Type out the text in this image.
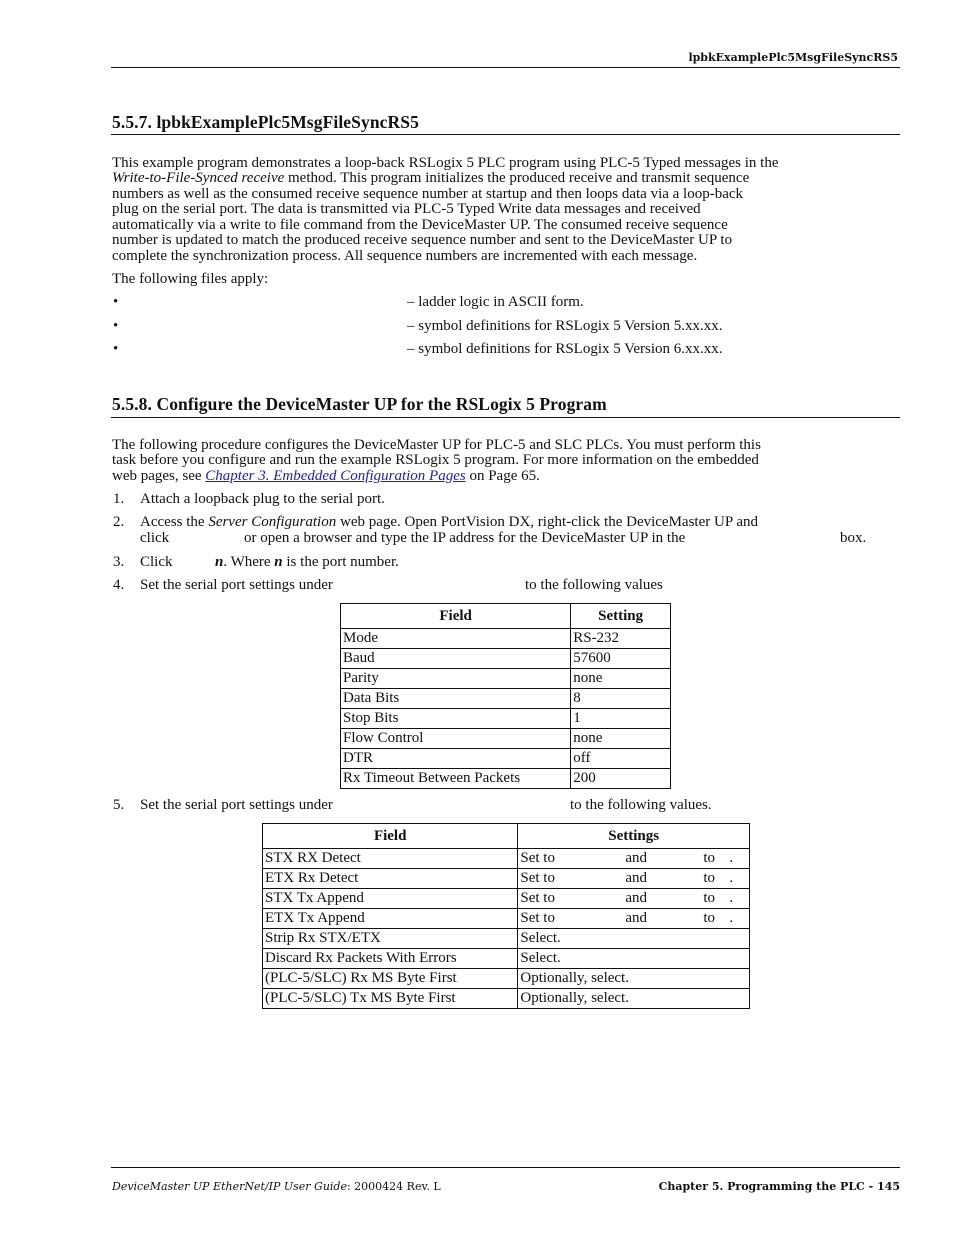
lpbkExamplePlc5MsgFileSyncRS5
5.5.7. lpbkExamplePlc5MsgFileSyncRS5
This example program demonstrates a loop-back RSLogix 5 PLC program using PLC-5 Typed messages in the
Write-to-File-Synced receive method. This program initializes the produced receive and transmit sequence
numbers as well as the consumed receive sequence number at startup and then loops data via a loop-back
plug on the serial port. The data is transmitted via PLC-5 Typed Write data messages and received
automatically via a write to file command from the DeviceMaster UP. The consumed receive sequence
number is updated to match the produced receive sequence number and sent to the DeviceMaster UP to
complete the synchronization process. All sequence numbers are incremented with each message.
The following files apply:
•	– ladder logic in ASCII form.
•	– symbol definitions for RSLogix 5 Version 5.xx.xx.
•	– symbol definitions for RSLogix 5 Version 6.xx.xx.
5.5.8. Configure the DeviceMaster UP for the RSLogix 5 Program
The following procedure configures the DeviceMaster UP for PLC-5 and SLC PLCs. You must perform this
task before you configure and run the example RSLogix 5 program. For more information on the embedded
web pages, see Chapter 3. Embedded Configuration Pages on Page 65.
1. Attach a loopback plug to the serial port.
2. Access the Server Configuration web page. Open PortVision DX, right-click the DeviceMaster UP and
click	or open a browser and type the IP address for the DeviceMaster UP in the	box.
3. Click	n. Where n is the port number.
4. Set the serial port settings under	to the following values
Field	Setting
Mode	RS-232
Baud	57600
Parity	none
Data Bits	8
Stop Bits	1
Flow Control	none
DTR	off
Rx Timeout Between Packets	200
5. Set the serial port settings under	to the following values.
Field	Settings
STX RX Detect	Set to and to .
ETX Rx Detect	Set to and to .
STX Tx Append	Set to and to .
ETX Tx Append	Set to and to .
Strip Rx STX/ETX	Select.
Discard Rx Packets With Errors	Select.
(PLC-5/SLC) Rx MS Byte First	Optionally, select.
(PLC-5/SLC) Tx MS Byte First	Optionally, select.
DeviceMaster UP EtherNet/IP User Guide: 2000424 Rev. L	Chapter 5. Programming the PLC - 145
